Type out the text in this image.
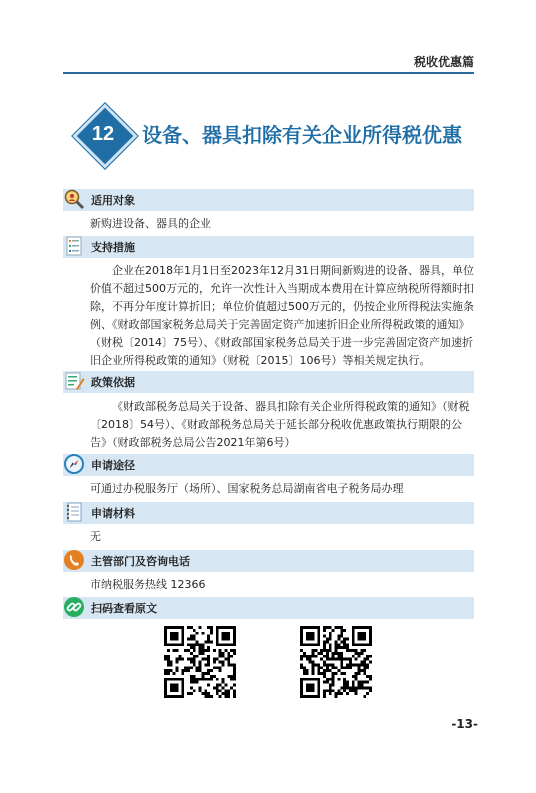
税收优惠篇
12	设备、器具扣除有关企业所得税优惠
适用对象
新购进设备、器具的企业
支持措施
企业在2018年1月1日至2023年12月31日期间新购进的设备、器具，单位价值不超过500万元的，允许一次性计入当期成本费用在计算应纳税所得额时扣除，不再分年度计算折旧；单位价值超过500万元的，仍按企业所得税法实施条例、《财政部国家税务总局关于完善固定资产加速折旧企业所得税政策的通知》（财税〔2014〕75号）、《财政部国家税务总局关于进一步完善固定资产加速折旧企业所得税政策的通知》（财税〔2015〕106号）等相关规定执行。
政策依据
《财政部税务总局关于设备、器具扣除有关企业所得税政策的通知》（财税〔2018〕54号）、《财政部税务总局关于延长部分税收优惠政策执行期限的公告》（财政部税务总局公告2021年第6号）
申请途径
可通过办税服务厅（场所）、国家税务总局湖南省电子税务局办理
申请材料
无
主管部门及咨询电话
市纳税服务热线 12366
扫码查看原文
-13-
